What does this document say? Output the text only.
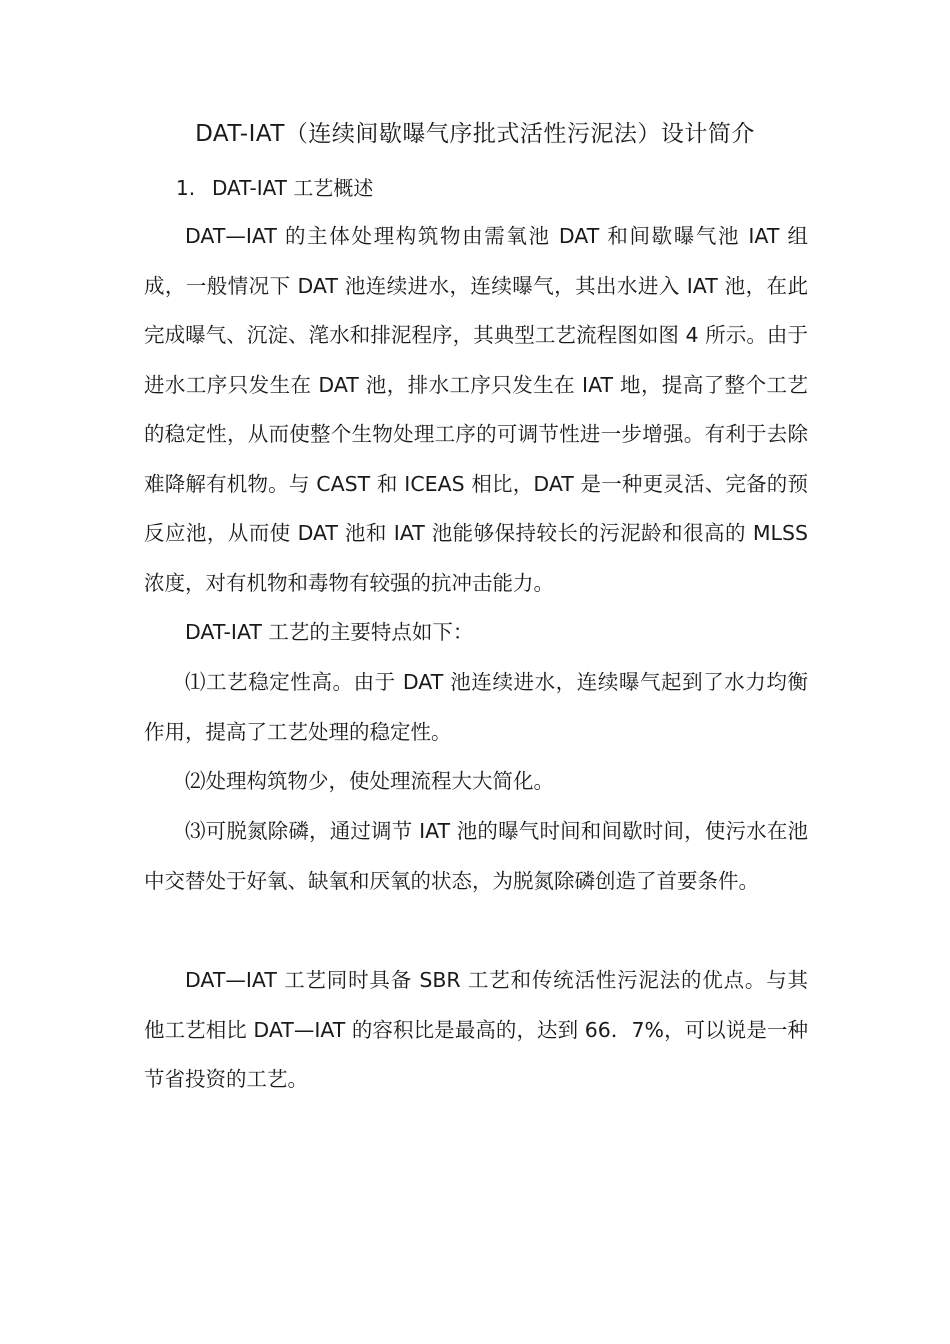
DAT-IAT（连续间歇曝气序批式活性污泥法）设计简介
1. DAT-IAT 工艺概述

DAT—IAT 的主体处理构筑物由需氧池 DAT 和间歇曝气池 IAT 组成，一般情况下 DAT 池连续进水，连续曝气，其出水进入 IAT 池，在此完成曝气、沉淀、滗水和排泥程序，其典型工艺流程图如图 4 所示。由于进水工序只发生在 DAT 池，排水工序只发生在 IAT 地，提高了整个工艺的稳定性，从而使整个生物处理工序的可调节性进一步增强。有利于去除难降解有机物。与 CAST 和 ICEAS 相比，DAT 是一种更灵活、完备的预反应池，从而使 DAT 池和 IAT 池能够保持较长的污泥龄和很高的 MLSS 浓度，对有机物和毒物有较强的抗冲击能力。

DAT-IAT 工艺的主要特点如下：

⑴工艺稳定性高。由于 DAT 池连续进水，连续曝气起到了水力均衡作用，提高了工艺处理的稳定性。

⑵处理构筑物少，使处理流程大大简化。

⑶可脱氮除磷，通过调节 IAT 池的曝气时间和间歇时间，使污水在池中交替处于好氧、缺氧和厌氧的状态，为脱氮除磷创造了首要条件。

DAT—IAT 工艺同时具备 SBR 工艺和传统活性污泥法的优点。与其他工艺相比 DAT—IAT 的容积比是最高的，达到 66．7%，可以说是一种节省投资的工艺。
